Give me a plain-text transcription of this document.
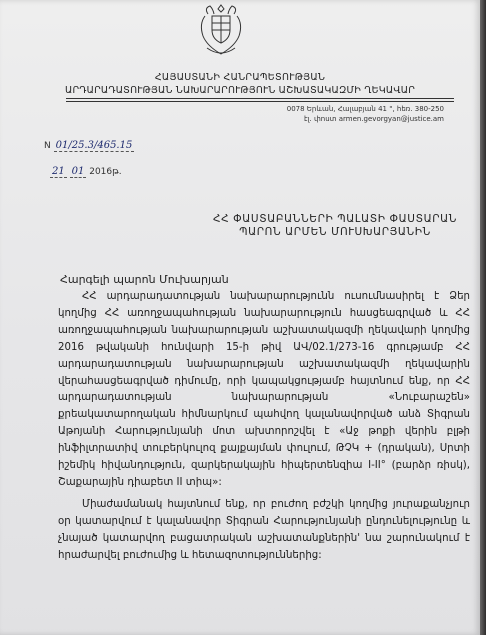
ՀԱՅԱՍՏԱՆԻ ՀԱՆՐԱՊԵՏՈՒԹՅԱՆ
ԱՐԴԱՐԱԴԱՏՈՒԹՅԱՆ ՆԱԽԱՐԱՐՈՒԹՅՈՒՆ ԱՇԽԱՏԱԿԱԶՄԻ ՂԵԿԱՎԱՐ
0078 Երևան, Հալաբյան 41 ", հեռ. 380-250
էլ. փոստ armen.gevorgyan@justice.am
N 01/25.3/465.15
21 01 2016թ.
ՀՀ ՓԱՍՏԱԲԱՆՆԵՐԻ ՊԱԼԱՏԻ ՓԱՍՏԱՐԱՆ
ՊԱՐՈՆ ԱՐՄԵՆ ՄՈՒՍԽԱՐՅԱՆԻՆ
Հարգելի պարոն Մուխարյան

ՀՀ արդարադատության նախարարությունն ուսումնասիրել է Ձեր կողմից ՀՀ առողջապահության նախարարություն հասցեագրված և ՀՀ առողջապահության նախարարության աշխատակազմի ղեկավարի կողմից 2016 թվականի հունվարի 15-ի թիվ ԱՎ/02.1/273-16 գրությամբ ՀՀ արդարադատության նախարարության աշխատակազմի ղեկավարին վերահասցեագրված դիմումը, որի կապակցությամբ հայտնում ենք, որ ՀՀ արդարադատության նախարարության «Նուբարաշեն» քրեակատարողական հիմնարկում պահվող կալանավորված անձ Տիգրան Աթոյանի Հարությունյանի մոտ ախտորոշվել է «Աջ թոքի վերին բլթի ինֆիլտրատիվ տուբերկուլոզ քայքայման փուլում, ԹՉԿ + (դրական), Սրտի իշեմիկ հիվանդություն, զարկերակային հիպերտենզիա I-II° (բարձր ռիսկ), Շաքարային դիաբետ II տիպ»:

Միաժամանակ հայտնում ենք, որ բուժող բժշկի կողմից յուրաքանչյուր օր կատարվում է կալանավոր Տիգրան Հարությունյանի ընդունելությունը և չնայած կատարվող բացատրական աշխատանքներին' նա շարունակում է հրաժարվել բուժումից և հետազոտություններից:
